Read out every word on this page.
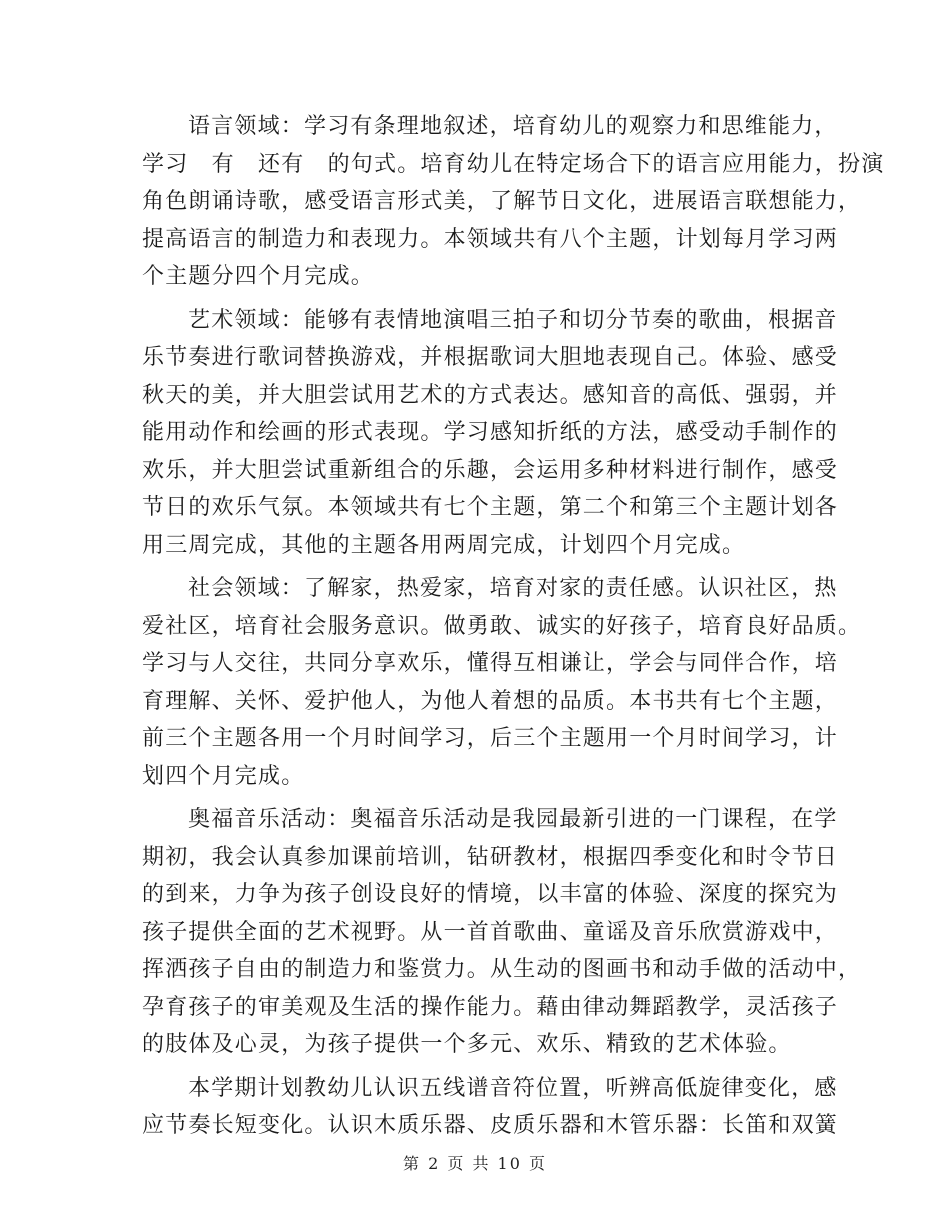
语言领域：学习有条理地叙述，培育幼儿的观察力和思维能力，
学习　有　还有　的句式。培育幼儿在特定场合下的语言应用能力，扮演
角色朗诵诗歌，感受语言形式美，了解节日文化，进展语言联想能力，
提高语言的制造力和表现力。本领域共有八个主题，计划每月学习两
个主题分四个月完成。
艺术领域：能够有表情地演唱三拍子和切分节奏的歌曲，根据音
乐节奏进行歌词替换游戏，并根据歌词大胆地表现自己。体验、感受
秋天的美，并大胆尝试用艺术的方式表达。感知音的高低、强弱，并
能用动作和绘画的形式表现。学习感知折纸的方法，感受动手制作的
欢乐，并大胆尝试重新组合的乐趣，会运用多种材料进行制作，感受
节日的欢乐气氛。本领域共有七个主题，第二个和第三个主题计划各
用三周完成，其他的主题各用两周完成，计划四个月完成。
社会领域：了解家，热爱家，培育对家的责任感。认识社区，热
爱社区，培育社会服务意识。做勇敢、诚实的好孩子，培育良好品质。
学习与人交往，共同分享欢乐，懂得互相谦让，学会与同伴合作，培
育理解、关怀、爱护他人，为他人着想的品质。本书共有七个主题，
前三个主题各用一个月时间学习，后三个主题用一个月时间学习，计
划四个月完成。
奥福音乐活动：奥福音乐活动是我园最新引进的一门课程，在学
期初，我会认真参加课前培训，钻研教材，根据四季变化和时令节日
的到来，力争为孩子创设良好的情境，以丰富的体验、深度的探究为
孩子提供全面的艺术视野。从一首首歌曲、童谣及音乐欣赏游戏中，
挥洒孩子自由的制造力和鉴赏力。从生动的图画书和动手做的活动中，
孕育孩子的审美观及生活的操作能力。藉由律动舞蹈教学，灵活孩子
的肢体及心灵，为孩子提供一个多元、欢乐、精致的艺术体验。
本学期计划教幼儿认识五线谱音符位置，听辨高低旋律变化，感
应节奏长短变化。认识木质乐器、皮质乐器和木管乐器：长笛和双簧
第 2 页 共 10 页
